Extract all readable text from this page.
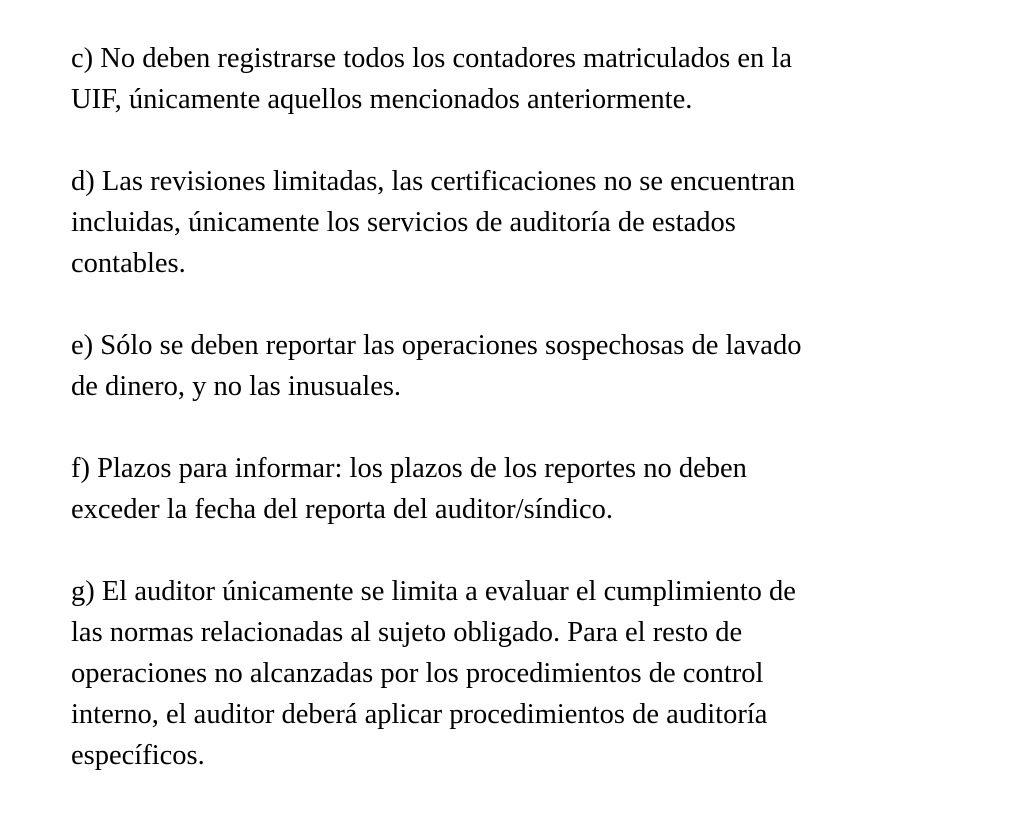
c) No deben registrarse todos los contadores matriculados en la
UIF, únicamente aquellos mencionados anteriormente.

d) Las revisiones limitadas, las certificaciones no se encuentran
incluidas, únicamente los servicios de auditoría de estados
contables.

e) Sólo se deben reportar las operaciones sospechosas de lavado
de dinero, y no las inusuales.

f) Plazos para informar: los plazos de los reportes no deben
exceder la fecha del reporta del auditor/síndico.

g) El auditor únicamente se limita a evaluar el cumplimiento de
las normas relacionadas al sujeto obligado. Para el resto de
operaciones no alcanzadas por los procedimientos de control
interno, el auditor deberá aplicar procedimientos de auditoría
específicos.
